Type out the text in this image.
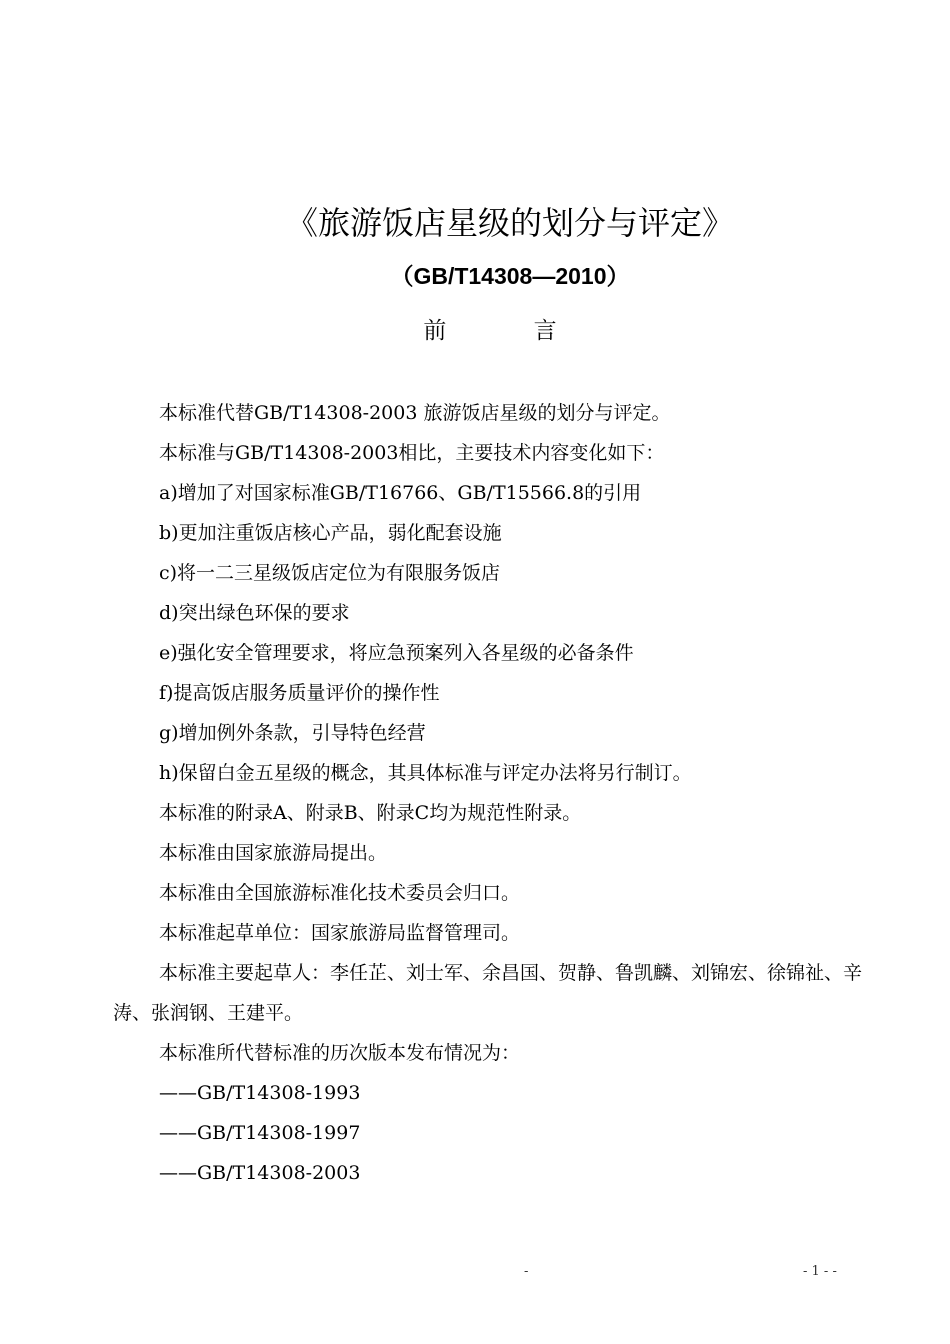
《旅游饭店星级的划分与评定》
（GB/T14308—2010）
前 言

本标准代替GB/T14308-2003 旅游饭店星级的划分与评定。

本标准与GB/T14308-2003相比，主要技术内容变化如下：

a)增加了对国家标准GB/T16766、GB/T15566.8的引用

b)更加注重饭店核心产品，弱化配套设施

c)将一二三星级饭店定位为有限服务饭店

d)突出绿色环保的要求

e)强化安全管理要求，将应急预案列入各星级的必备条件

f)提高饭店服务质量评价的操作性

g)增加例外条款，引导特色经营

h)保留白金五星级的概念，其具体标准与评定办法将另行制订。

本标准的附录A、附录B、附录C均为规范性附录。

本标准由国家旅游局提出。

本标准由全国旅游标准化技术委员会归口。

本标准起草单位：国家旅游局监督管理司。

本标准主要起草人：李任芷、刘士军、余昌国、贺静、鲁凯麟、刘锦宏、徐锦祉、辛涛、张润钢、王建平。

本标准所代替标准的历次版本发布情况为：

——GB/T14308-1993

——GB/T14308-1997

——GB/T14308-2003

-	- 1 - -
